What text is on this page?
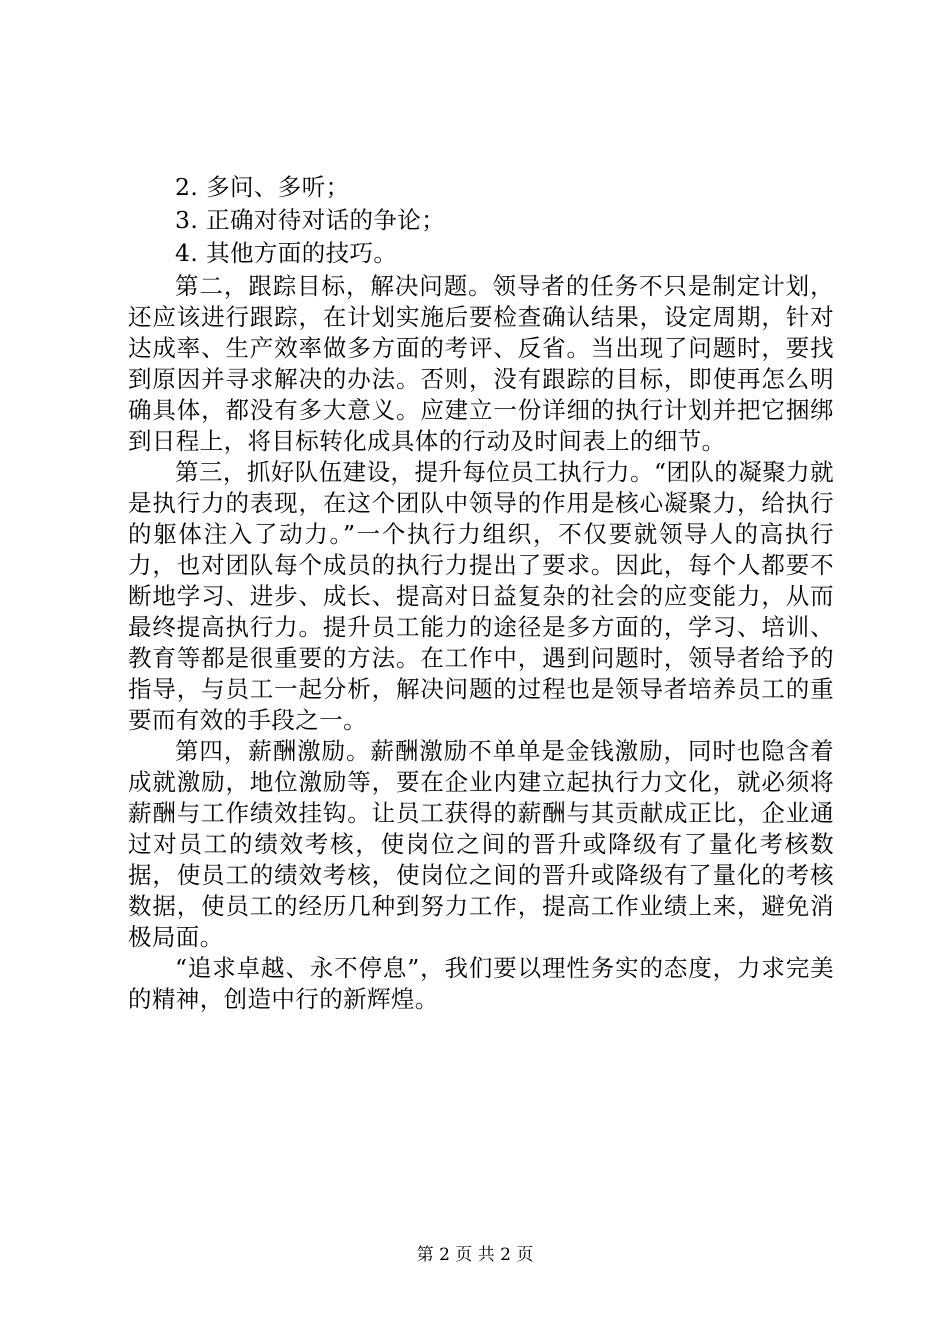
2. 多问、多听；
3. 正确对待对话的争论；
4. 其他方面的技巧。

第二，跟踪目标，解决问题。领导者的任务不只是制定计划，还应该进行跟踪，在计划实施后要检查确认结果，设定周期，针对达成率、生产效率做多方面的考评、反省。当出现了问题时，要找到原因并寻求解决的办法。否则，没有跟踪的目标，即使再怎么明确具体，都没有多大意义。应建立一份详细的执行计划并把它捆绑到日程上，将目标转化成具体的行动及时间表上的细节。

第三，抓好队伍建设，提升每位员工执行力。“团队的凝聚力就是执行力的表现，在这个团队中领导的作用是核心凝聚力，给执行的躯体注入了动力。”一个执行力组织，不仅要就领导人的高执行力，也对团队每个成员的执行力提出了要求。因此，每个人都要不断地学习、进步、成长、提高对日益复杂的社会的应变能力，从而最终提高执行力。提升员工能力的途径是多方面的，学习、培训、教育等都是很重要的方法。在工作中，遇到问题时，领导者给予的指导，与员工一起分析，解决问题的过程也是领导者培养员工的重要而有效的手段之一。

第四，薪酬激励。薪酬激励不单单是金钱激励，同时也隐含着成就激励，地位激励等，要在企业内建立起执行力文化，就必须将薪酬与工作绩效挂钩。让员工获得的薪酬与其贡献成正比，企业通过对员工的绩效考核，使岗位之间的晋升或降级有了量化考核数据，使员工的绩效考核，使岗位之间的晋升或降级有了量化的考核数据，使员工的经历几种到努力工作，提高工作业绩上来，避免消极局面。

“追求卓越、永不停息”，我们要以理性务实的态度，力求完美的精神，创造中行的新辉煌。

第 2 页 共 2 页
